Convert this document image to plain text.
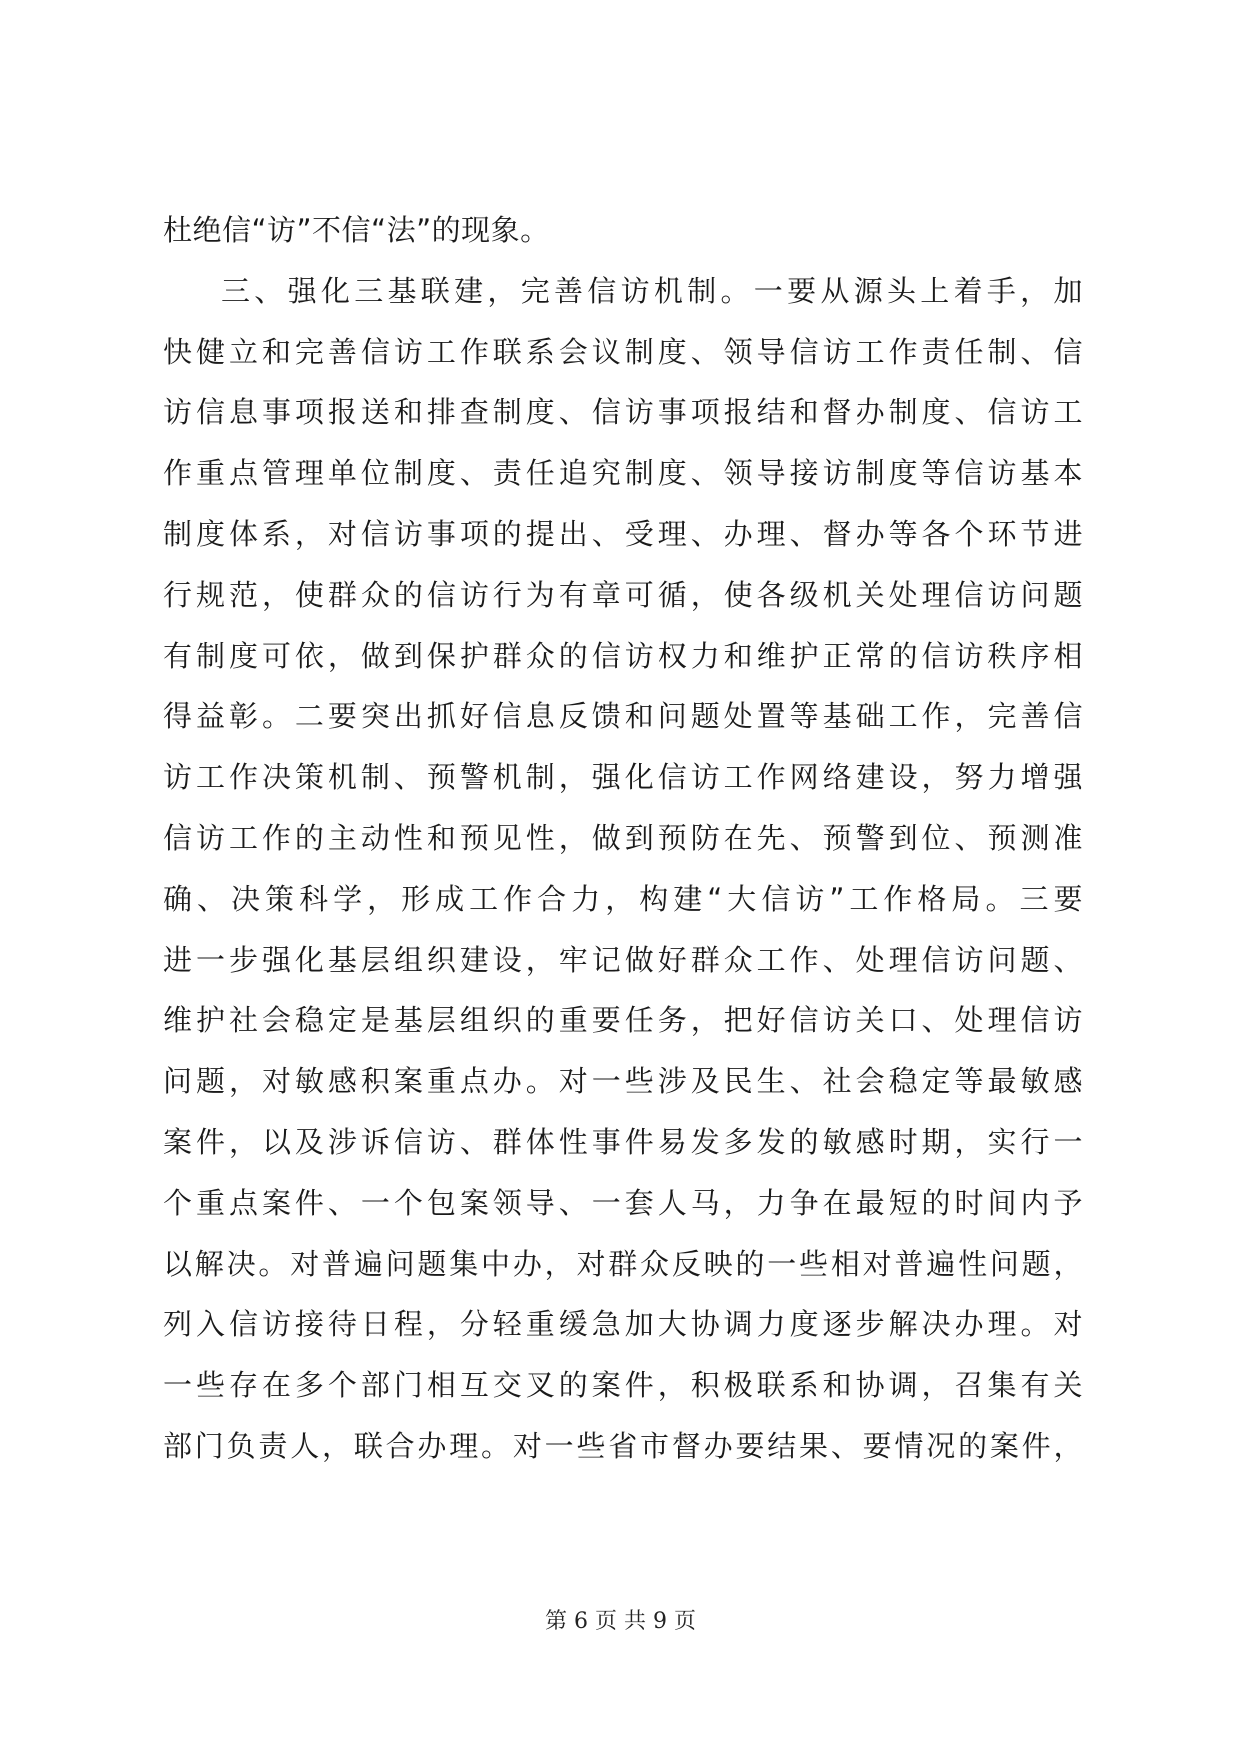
杜绝信“访”不信“法”的现象。
三、强化三基联建，完善信访机制。一要从源头上着手，加
快健立和完善信访工作联系会议制度、领导信访工作责任制、信
访信息事项报送和排查制度、信访事项报结和督办制度、信访工
作重点管理单位制度、责任追究制度、领导接访制度等信访基本
制度体系，对信访事项的提出、受理、办理、督办等各个环节进
行规范，使群众的信访行为有章可循，使各级机关处理信访问题
有制度可依，做到保护群众的信访权力和维护正常的信访秩序相
得益彰。二要突出抓好信息反馈和问题处置等基础工作，完善信
访工作决策机制、预警机制，强化信访工作网络建设，努力增强
信访工作的主动性和预见性，做到预防在先、预警到位、预测准
确、决策科学，形成工作合力，构建“大信访”工作格局。三要
进一步强化基层组织建设，牢记做好群众工作、处理信访问题、
维护社会稳定是基层组织的重要任务，把好信访关口、处理信访
问题，对敏感积案重点办。对一些涉及民生、社会稳定等最敏感
案件，以及涉诉信访、群体性事件易发多发的敏感时期，实行一
个重点案件、一个包案领导、一套人马，力争在最短的时间内予
以解决。对普遍问题集中办，对群众反映的一些相对普遍性问题，
列入信访接待日程，分轻重缓急加大协调力度逐步解决办理。对
一些存在多个部门相互交叉的案件，积极联系和协调，召集有关
部门负责人，联合办理。对一些省市督办要结果、要情况的案件，
第 6 页 共 9 页
